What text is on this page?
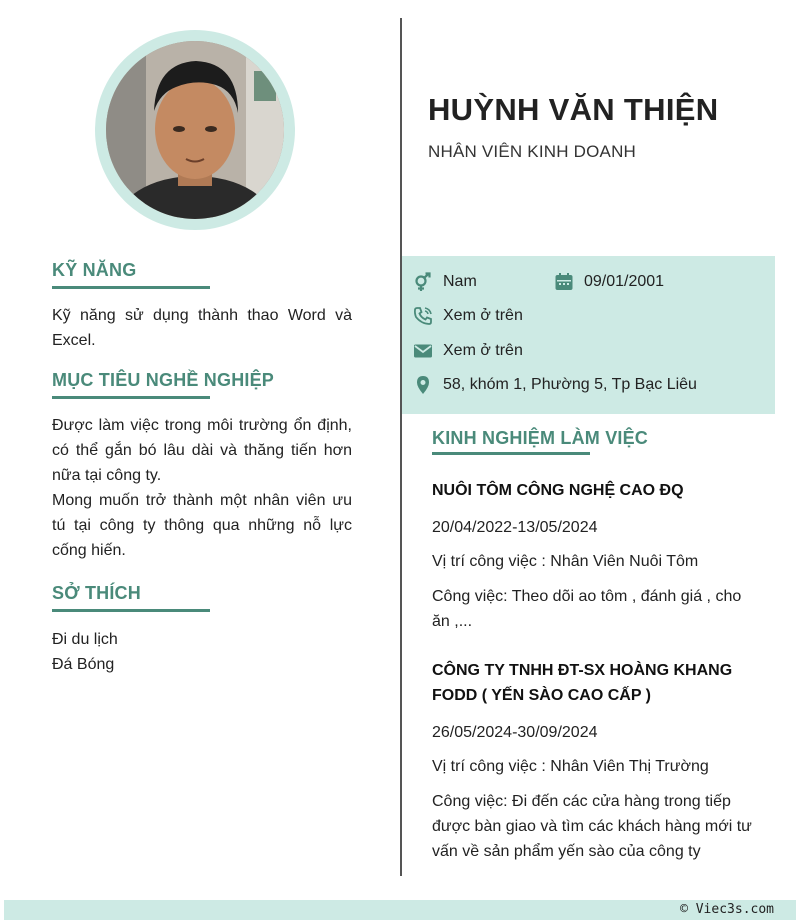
KỸ NĂNG
Kỹ năng sử dụng thành thao Word và Excel.
MỤC TIÊU NGHỀ NGHIỆP
Được làm việc trong môi trường ổn định, có thể gắn bó lâu dài và thăng tiến hơn nữa tại công ty.
Mong muốn trở thành một nhân viên ưu tú tại công ty thông qua những nỗ lực cống hiến.
SỞ THÍCH
Đi du lịch
Đá Bóng
HUỲNH VĂN THIỆN
NHÂN VIÊN KINH DOANH
Nam	09/01/2001
Xem ở trên
Xem ở trên
58, khóm 1, Phường 5, Tp Bạc Liêu
KINH NGHIỆM LÀM VIỆC
NUÔI TÔM CÔNG NGHỆ CAO ĐQ
20/04/2022-13/05/2024
Vị trí công việc : Nhân Viên Nuôi Tôm
Công việc: Theo dõi ao tôm , đánh giá , cho ăn ,...
CÔNG TY TNHH ĐT-SX HOÀNG KHANG FODD ( YẾN SÀO CAO CẤP )
26/05/2024-30/09/2024
Vị trí công việc : Nhân Viên Thị Trường
Công việc: Đi đến các cửa hàng trong tiếp được bàn giao và tìm các khách hàng mới tư vấn về sản phẩm yến sào của công ty
© Viec3s.com
